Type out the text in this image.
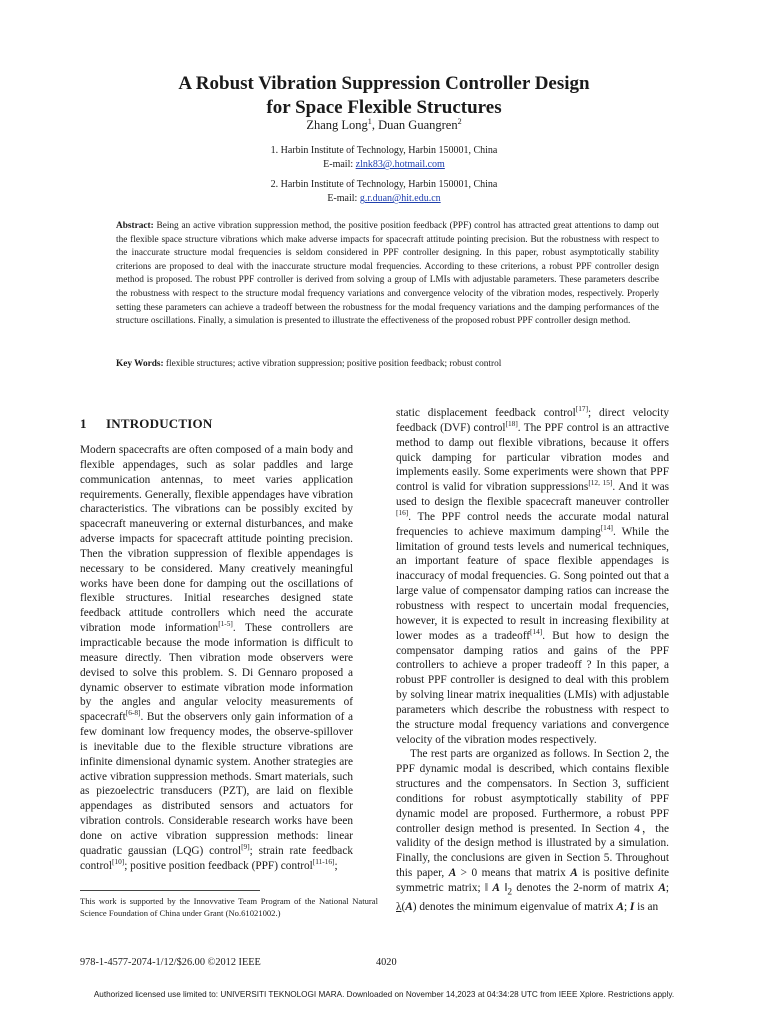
A Robust Vibration Suppression Controller Design
for Space Flexible Structures
Zhang Long$^1$, Duan Guangren$^2$
1. Harbin Institute of Technology, Harbin 150001, China
E-mail: zlnk83@.hotmail.com
2. Harbin Institute of Technology, Harbin 150001, China
E-mail: g.r.duan@hit.edu.cn
Abstract: Being an active vibration suppression method, the positive position feedback (PPF) control has attracted great attentions to damp out the flexible space structure vibrations which make adverse impacts for spacecraft attitude pointing precision. But the robustness with respect to the inaccurate structure modal frequencies is seldom considered in PPF controller designing. In this paper, robust asymptotically stability criterions are proposed to deal with the inaccurate structure modal frequencies. According to these criterions, a robust PPF controller design method is proposed. The robust PPF controller is derived from solving a group of LMIs with adjustable parameters. These parameters describe the robustness with respect to the structure modal frequency variations and convergence velocity of the vibration modes, respectively. Properly setting these parameters can achieve a tradeoff between the robustness for the modal frequency variations and the damping performances of the structure oscillations. Finally, a simulation is presented to illustrate the effectiveness of the proposed robust PPF controller design method.
Key Words: flexible structures; active vibration suppression; positive position feedback; robust control
1 INTRODUCTION

Modern spacecrafts are often composed of a main body and flexible appendages, such as solar paddles and large communication antennas, to meet varies application requirements. Generally, flexible appendages have vibration characteristics. The vibrations can be possibly excited by spacecraft maneuvering or external disturbances, and make adverse impacts for spacecraft attitude pointing precision. Then the vibration suppression of flexible appendages is necessary to be considered. Many creatively meaningful works have been done for damping out the oscillations of flexible structures. Initial researches designed state feedback attitude controllers which need the accurate vibration mode information[1-5]. These controllers are impracticable because the mode information is difficult to measure directly. Then vibration mode observers were devised to solve this problem. S. Di Gennaro proposed a dynamic observer to estimate vibration mode information by the angles and angular velocity measurements of spacecraft[6-8]. But the observers only gain information of a few dominant low frequency modes, the observe-spillover is inevitable due to the flexible structure vibrations are infinite dimensional dynamic system. Another strategies are active vibration suppression methods. Smart materials, such as piezoelectric transducers (PZT), are laid on flexible appendages as distributed sensors and actuators for vibration controls. Considerable research works have been done on active vibration suppression methods: linear quadratic gaussian (LQG) control[9]; strain rate feedback control[10]; positive position feedback (PPF) control[11-16];

static displacement feedback control[17]; direct velocity feedback (DVF) control[18]. The PPF control is an attractive method to damp out flexible vibrations, because it offers quick damping for particular vibration modes and implements easily. Some experiments were shown that PPF control is valid for vibration suppressions[12, 15]. And it was used to design the flexible spacecraft maneuver controller [16]. The PPF control needs the accurate modal natural frequencies to achieve maximum damping[14]. While the limitation of ground tests levels and numerical techniques, an important feature of space flexible appendages is inaccuracy of modal frequencies. G. Song pointed out that a large value of compensator damping ratios can increase the robustness with respect to uncertain modal frequencies, however, it is expected to result in increasing flexibility at lower modes as a tradeoff[14]. But how to design the compensator damping ratios and gains of the PPF controllers to achieve a proper tradeoff ? In this paper, a robust PPF controller is designed to deal with this problem by solving linear matrix inequalities (LMIs) with adjustable parameters which describe the robustness with respect to the structure modal frequency variations and convergence velocity of the vibration modes respectively.

The rest parts are organized as follows. In Section 2, the PPF dynamic modal is described, which contains flexible structures and the compensators. In Section 3, sufficient conditions for robust asymptotically stability of PPF dynamic model are proposed. Furthermore, a robust PPF controller design method is presented. In Section 4，the validity of the design method is illustrated by a simulation. Finally, the conclusions are given in Section 5. Throughout this paper, A > 0 means that matrix A is positive definite symmetric matrix; ‖ A $‖_2$ denotes the 2-norm of matrix A; λ(A) denotes the minimum eigenvalue of matrix A; I is an

This work is supported by the Innovvative Team Program of the National Natural Science Foundation of China under Grant (No.61021002.)
978-1-4577-2074-1/12/$26.00 ©2012 IEEE	4020
Authorized licensed use limited to: UNIVERSITI TEKNOLOGI MARA. Downloaded on November 14,2023 at 04:34:28 UTC from IEEE Xplore. Restrictions apply.
